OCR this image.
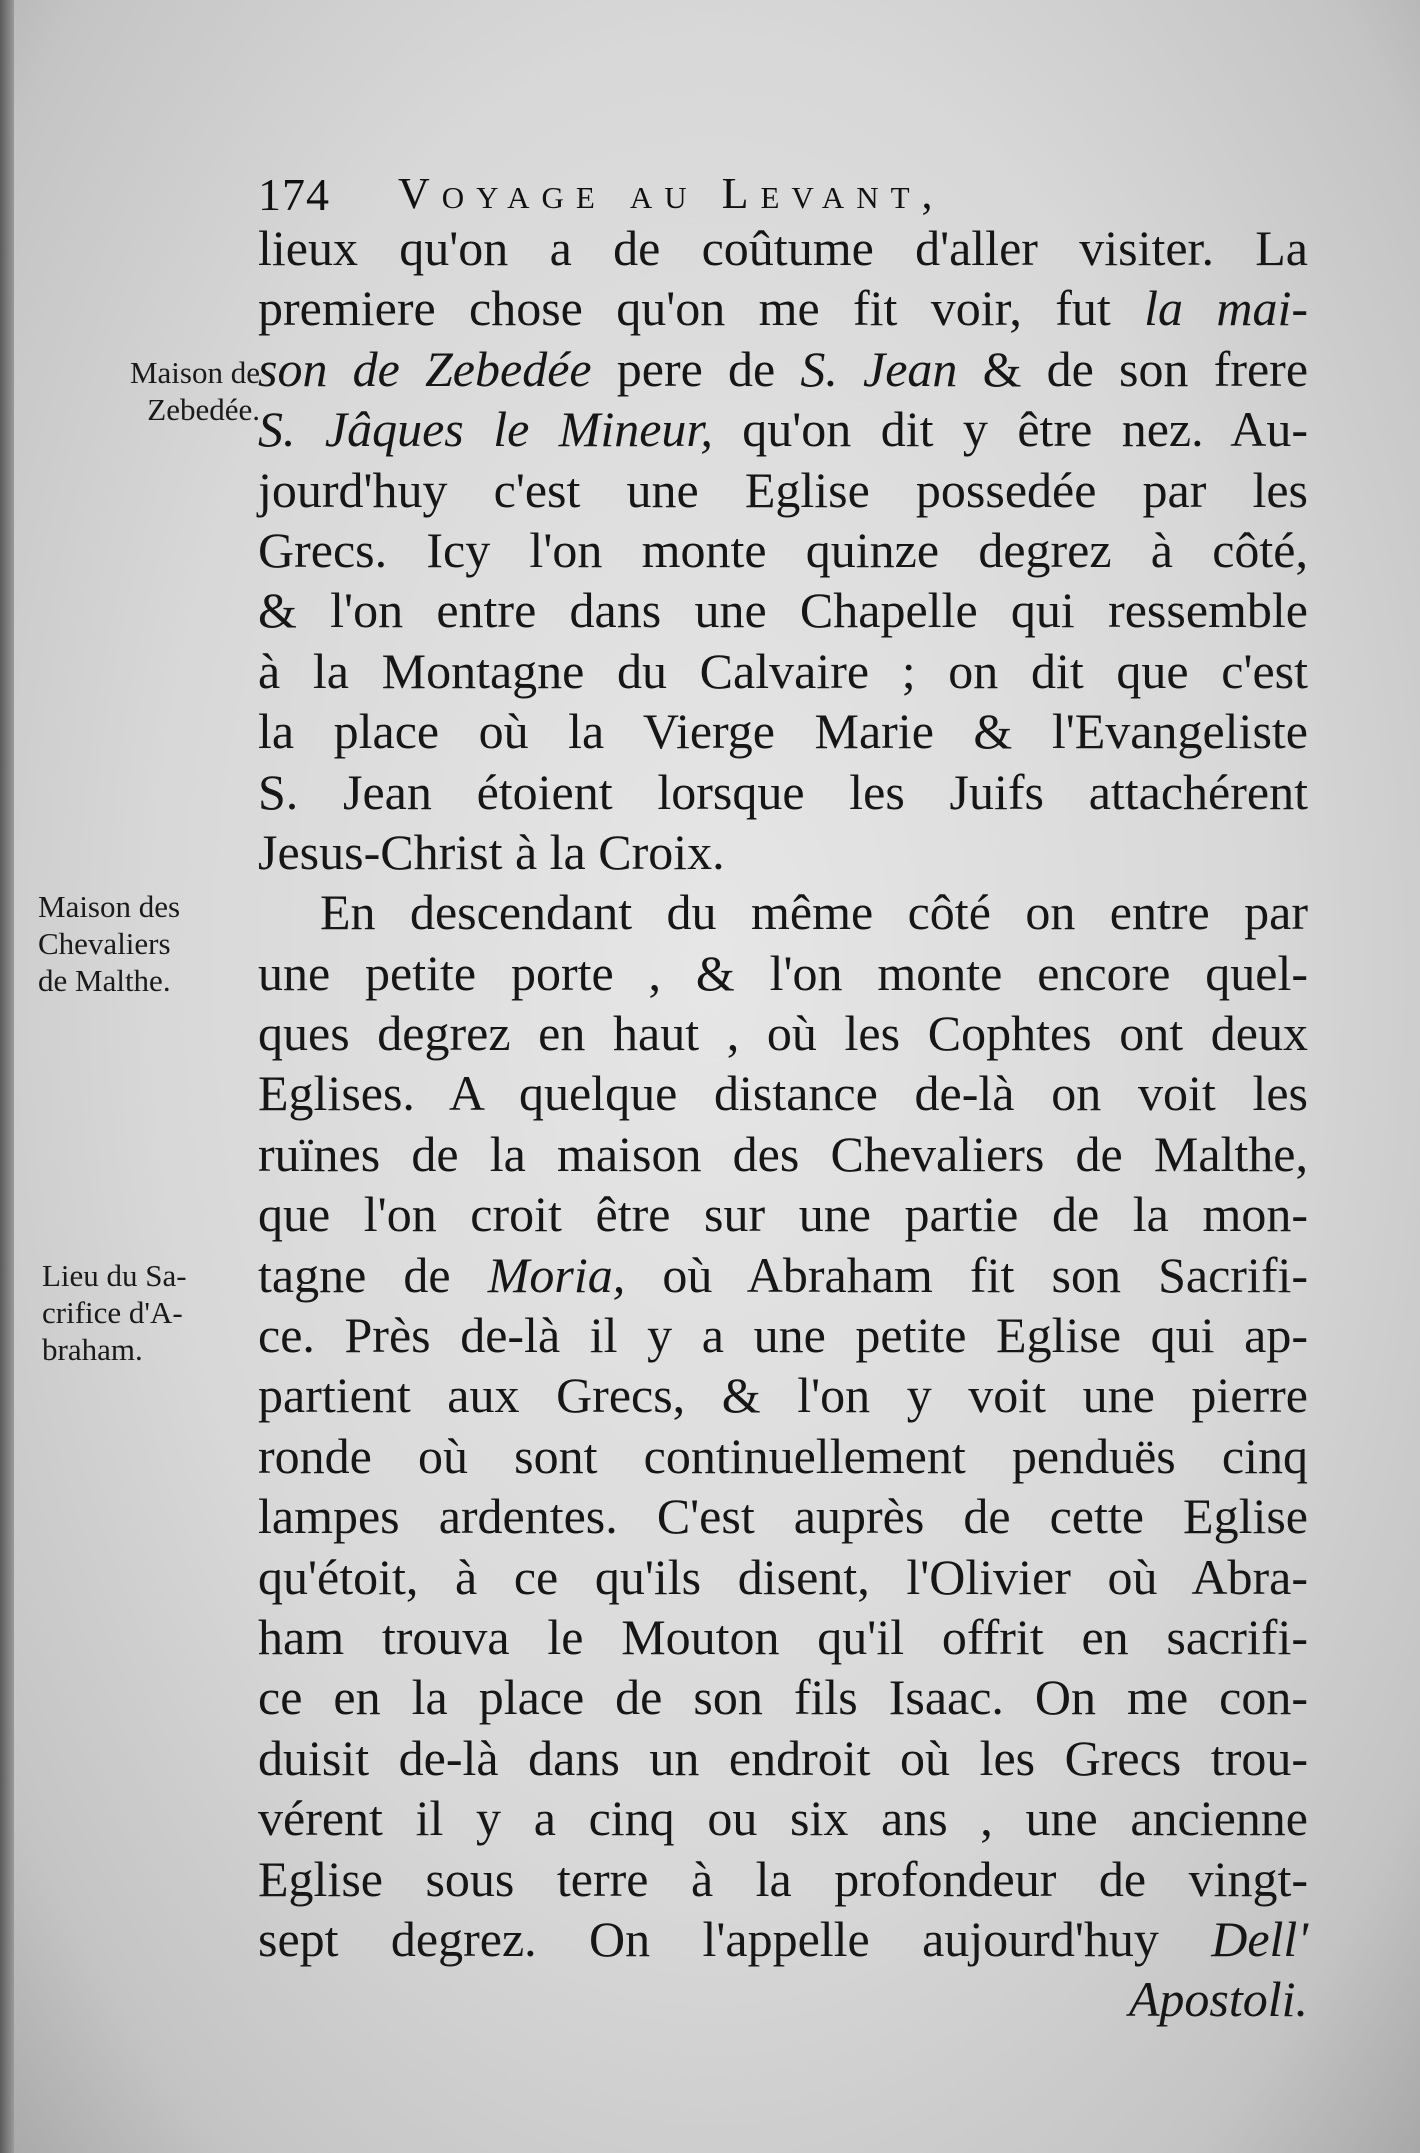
174 Voyage au Levant,
Maison de
Zebedée.
Maison des
Chevaliers
de Malthe.
Lieu du Sa-
crifice d'A-
braham.
lieux qu'on a de coûtume d'aller visiter. La
premiere chose qu'on me fit voir, fut la mai-
son de Zebedée pere de S. Jean & de son frere
S. Jâques le Mineur, qu'on dit y être nez. Au-
jourd'huy c'est une Eglise possedée par les
Grecs. Icy l'on monte quinze degrez à côté,
& l'on entre dans une Chapelle qui ressemble
à la Montagne du Calvaire ; on dit que c'est
la place où la Vierge Marie & l'Evangeliste
S. Jean étoient lorsque les Juifs attachérent
Jesus-Christ à la Croix.
En descendant du même côté on entre par
une petite porte , & l'on monte encore quel-
ques degrez en haut , où les Cophtes ont deux
Eglises. A quelque distance de-là on voit les
ruïnes de la maison des Chevaliers de Malthe,
que l'on croit être sur une partie de la mon-
tagne de Moria, où Abraham fit son Sacrifi-
ce. Près de-là il y a une petite Eglise qui ap-
partient aux Grecs, & l'on y voit une pierre
ronde où sont continuellement penduës cinq
lampes ardentes. C'est auprès de cette Eglise
qu'étoit, à ce qu'ils disent, l'Olivier où Abra-
ham trouva le Mouton qu'il offrit en sacrifi-
ce en la place de son fils Isaac. On me con-
duisit de-là dans un endroit où les Grecs trou-
vérent il y a cinq ou six ans , une ancienne
Eglise sous terre à la profondeur de vingt-
sept degrez. On l'appelle aujourd'huy Dell'
Apostoli.
